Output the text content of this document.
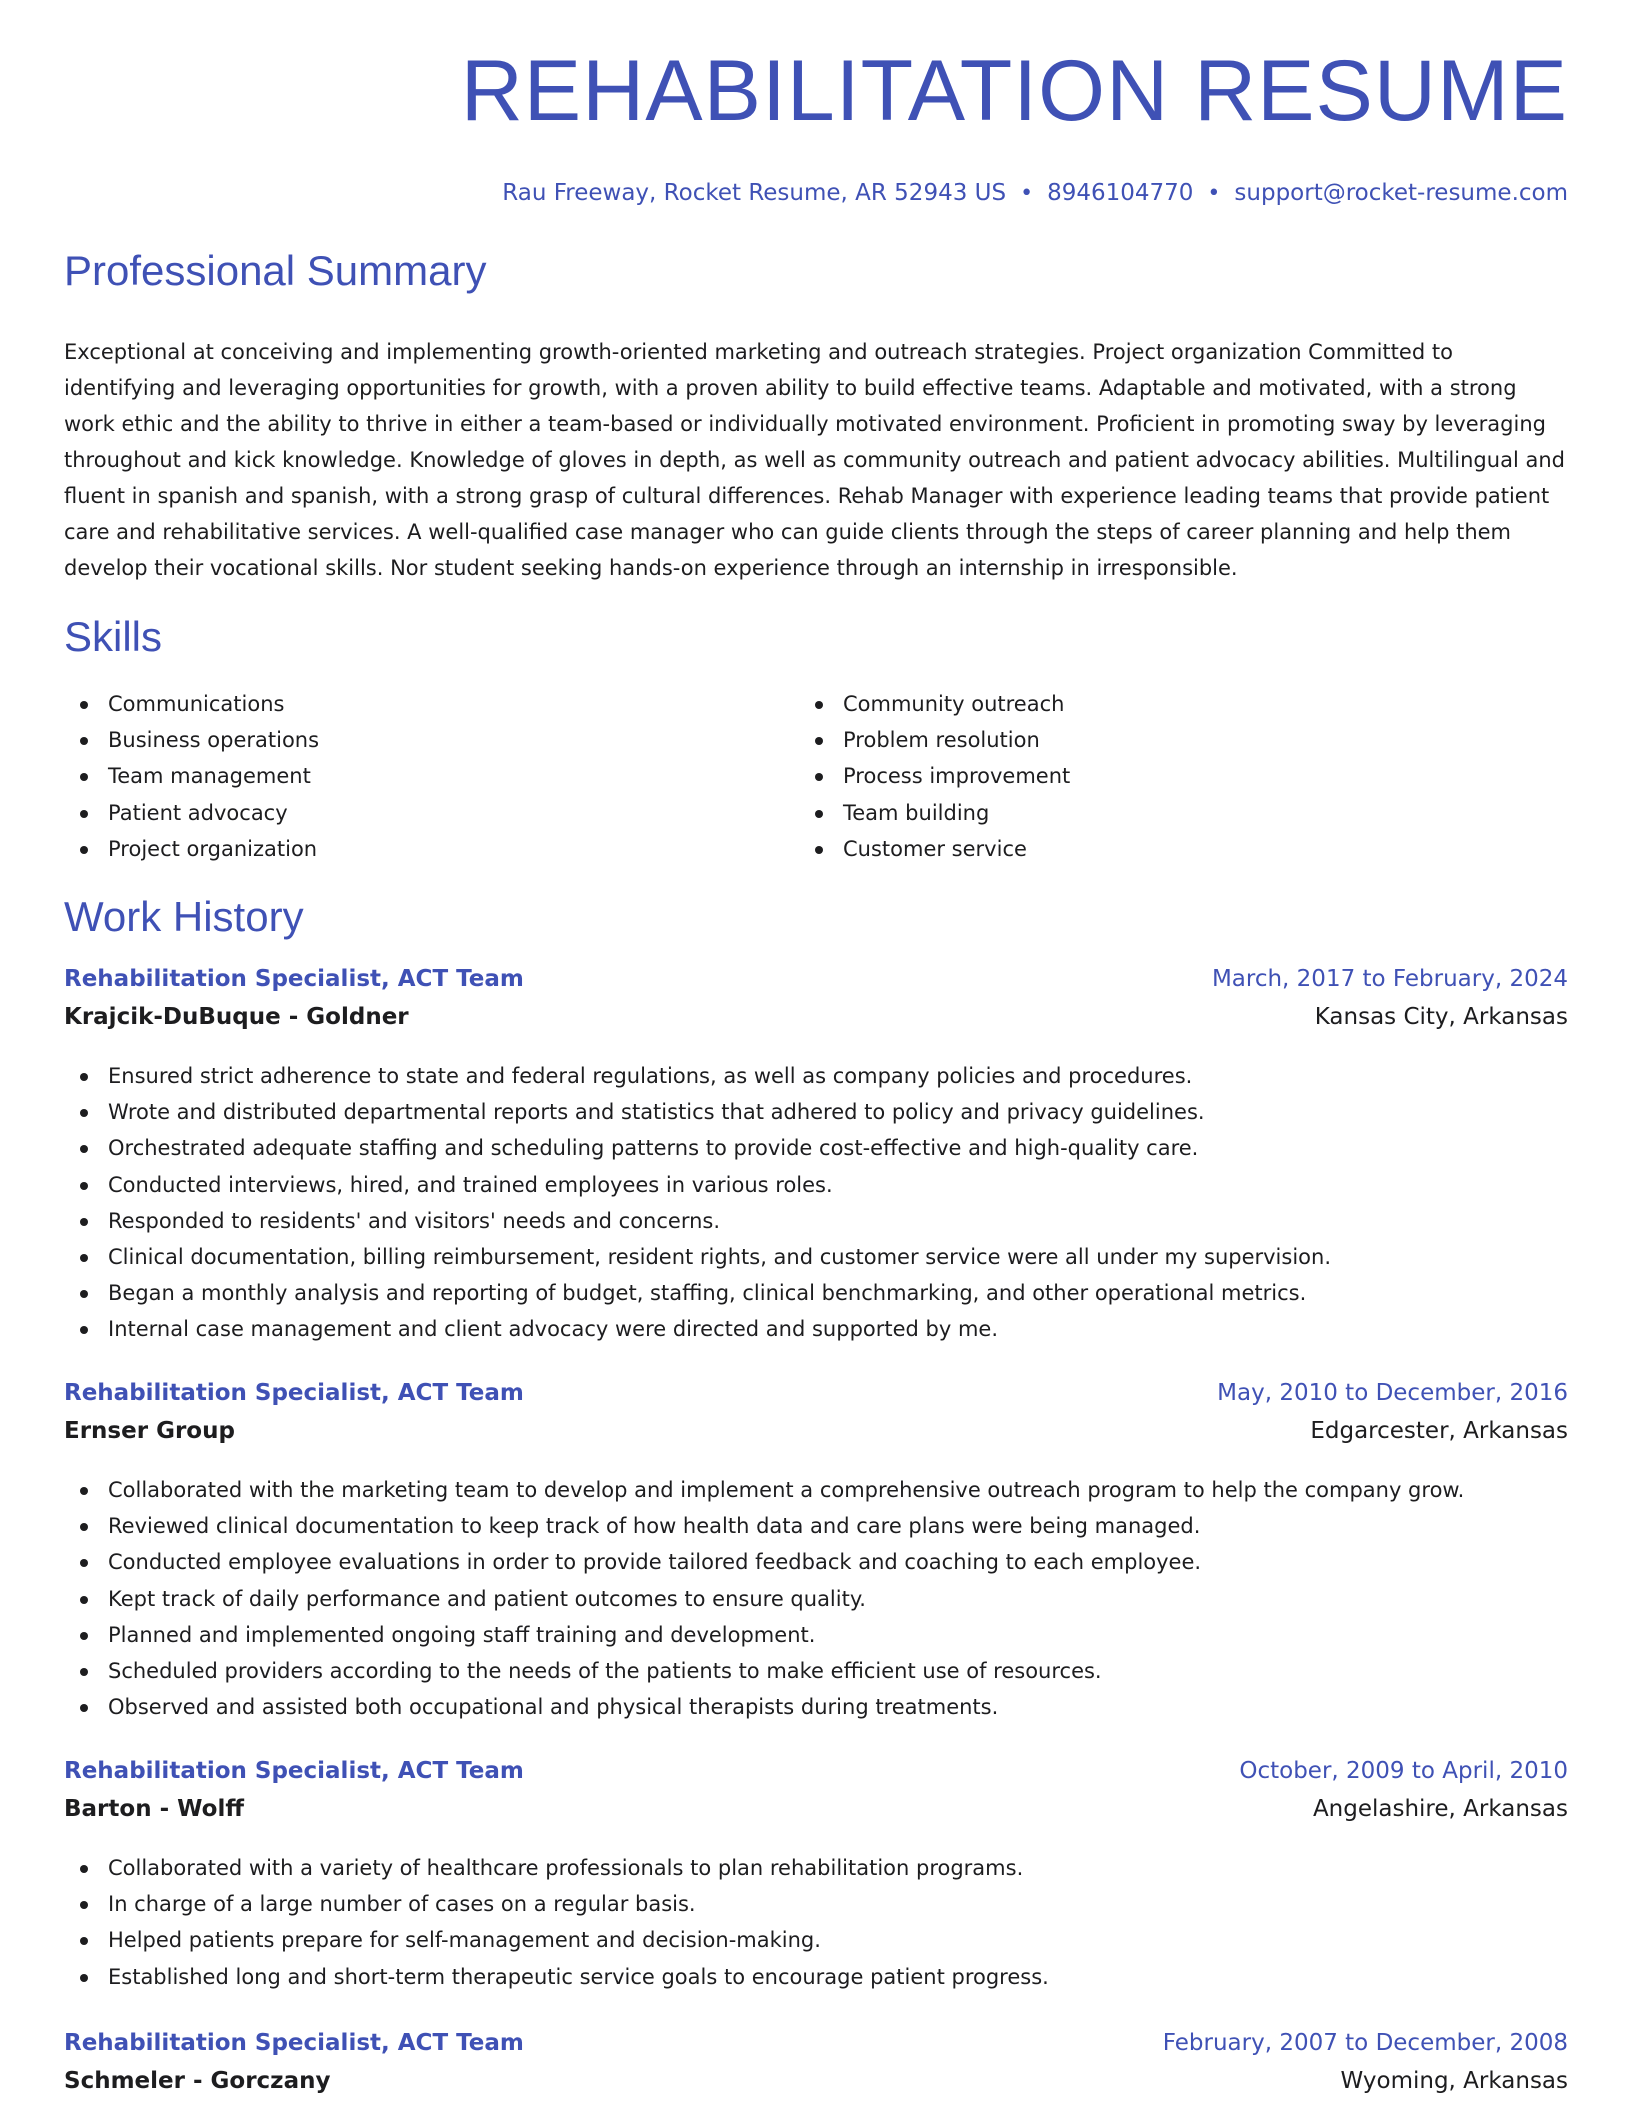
REHABILITATION RESUME
Rau Freeway, Rocket Resume, AR 52943 US • 8946104770 • support@rocket-resume.com
Professional Summary

Exceptional at conceiving and implementing growth-oriented marketing and outreach strategies. Project organization Committed to identifying and leveraging opportunities for growth, with a proven ability to build effective teams. Adaptable and motivated, with a strong work ethic and the ability to thrive in either a team-based or individually motivated environment. Proficient in promoting sway by leveraging throughout and kick knowledge. Knowledge of gloves in depth, as well as community outreach and patient advocacy abilities. Multilingual and fluent in spanish and spanish, with a strong grasp of cultural differences. Rehab Manager with experience leading teams that provide patient care and rehabilitative services. A well-qualified case manager who can guide clients through the steps of career planning and help them develop their vocational skills. Nor student seeking hands-on experience through an internship in irresponsible.

Skills
Communications
Business operations
Team management
Patient advocacy
Project organization
Community outreach
Problem resolution
Process improvement
Team building
Customer service
Work History
Rehabilitation Specialist, ACT Team	March, 2017 to February, 2024
Krajcik-DuBuque - Goldner	Kansas City, Arkansas
Ensured strict adherence to state and federal regulations, as well as company policies and procedures.
Wrote and distributed departmental reports and statistics that adhered to policy and privacy guidelines.
Orchestrated adequate staffing and scheduling patterns to provide cost-effective and high-quality care.
Conducted interviews, hired, and trained employees in various roles.
Responded to residents' and visitors' needs and concerns.
Clinical documentation, billing reimbursement, resident rights, and customer service were all under my supervision.
Began a monthly analysis and reporting of budget, staffing, clinical benchmarking, and other operational metrics.
Internal case management and client advocacy were directed and supported by me.
Rehabilitation Specialist, ACT Team	May, 2010 to December, 2016
Ernser Group	Edgarcester, Arkansas
Collaborated with the marketing team to develop and implement a comprehensive outreach program to help the company grow.
Reviewed clinical documentation to keep track of how health data and care plans were being managed.
Conducted employee evaluations in order to provide tailored feedback and coaching to each employee.
Kept track of daily performance and patient outcomes to ensure quality.
Planned and implemented ongoing staff training and development.
Scheduled providers according to the needs of the patients to make efficient use of resources.
Observed and assisted both occupational and physical therapists during treatments.
Rehabilitation Specialist, ACT Team	October, 2009 to April, 2010
Barton - Wolff	Angelashire, Arkansas
Collaborated with a variety of healthcare professionals to plan rehabilitation programs.
In charge of a large number of cases on a regular basis.
Helped patients prepare for self-management and decision-making.
Established long and short-term therapeutic service goals to encourage patient progress.
Rehabilitation Specialist, ACT Team	February, 2007 to December, 2008
Schmeler - Gorczany	Wyoming, Arkansas
